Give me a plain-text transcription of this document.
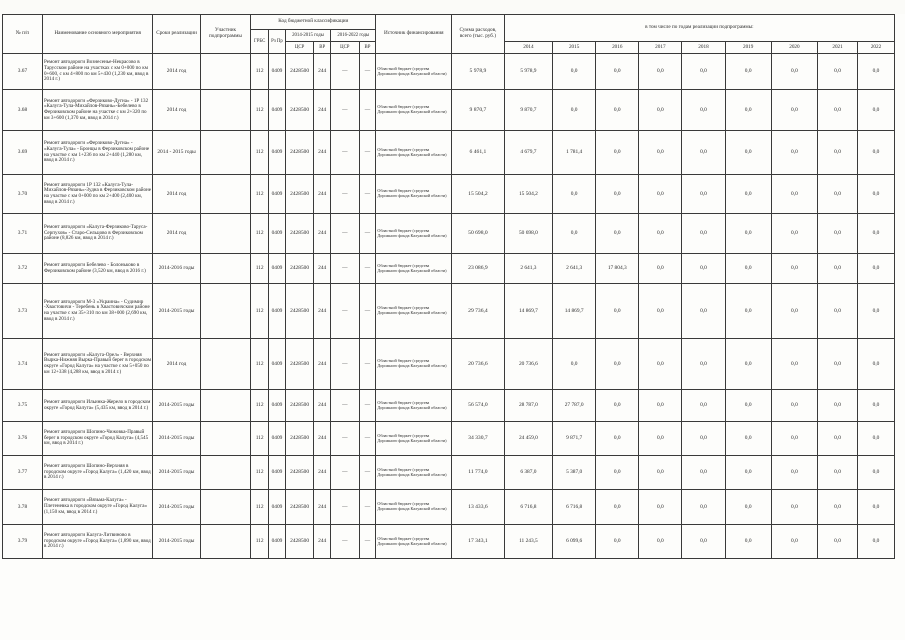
№ п/п	Наименование основного мероприятия	Сроки реализации	Участник подпрограммы	Код бюджетной классификации						Источник финансирования	Сумма расходов, всего (тыс. руб.)	в том числе по годам реализации подпрограммы:								
				ГРБС	Рз Пр	2014-2015 годы		2016-2022 годы												
						ЦСР	ВР	ЦСР	ВР			2014	2015	2016	2017	2018	2019	2020	2021	2022
3.67	Ремонт автодороги Вознесенье-Некрасово в Тарусском районе на участках с км 0+000 по км 0+600, с км 4+800 по км 5+430 (1,230 км, ввод в 2014 г.)	2014 год		112	0409	2428500	244	—	—	Областной бюджет (средства Дорожного фонда Калужской области)	5 978,9	5 978,9	0,0	0,0	0,0	0,0	0,0	0,0	0,0	0,0
3.68	Ремонт автодороги «Ферзиково-Дугна» - 1Р 132 «Калуга-Тула-Михайлов-Рязань»-Бебелево в Ферзиковском районе на участке с км 2+320 по км 3+600 (1,370 км, ввод в 2014 г.)	2014 год		112	0409	2428500	244	—	—	Областной бюджет (средства Дорожного фонда Калужской области)	9 870,7	9 870,7	0,0	0,0	0,0	0,0	0,0	0,0	0,0	0,0
3.69	Ремонт автодороги «Ферзиково-Дугна» - «Калуга-Тула» - Бронцы в Ферзиковском районе на участке с км 1+236 по км 2+440 (1,280 км, ввод в 2014 г.)	2014 - 2015 годы		112	0409	2428500	244	—	—	Областной бюджет (средства Дорожного фонда Калужской области)	6 461,1	4 679,7	1 781,4	0,0	0,0	0,0	0,0	0,0	0,0	0,0
3.70	Ремонт автодороги 1Р 132 «Калуга-Тула-Михайлов-Рязань»-Зудна в Ферзиковском районе на участке с км 0+000 по км 2+400 (2,400 км, ввод в 2014 г.)	2014 год		112	0409	2428500	244	—	—	Областной бюджет (средства Дорожного фонда Калужской области)	15 504,2	15 504,2	0,0	0,0	0,0	0,0	0,0	0,0	0,0	0,0
3.71	Ремонт автодороги «Калуга-Ферзиково-Таруса-Серпухов» - Старо-Сельцово в Ферзиковском районе (8,826 км, ввод в 2014 г.)	2014 год		112	0409	2428500	244	—	—	Областной бюджет (средства Дорожного фонда Калужской области)	50 698,0	50 698,0	0,0	0,0	0,0	0,0	0,0	0,0	0,0	0,0
3.72	Ремонт автодороги Бебелево - Болоньково в Ферзиковском районе (3,520 км, ввод в 2016 г.)	2014-2016 годы		112	0409	2428500	244	—	—	Областной бюджет (средства Дорожного фонда Калужской области)	23 086,9	2 641,3	2 641,3	17 804,3	0,0	0,0	0,0	0,0	0,0	0,0
3.73	Ремонт автодороги М-3 «Украина» - Судимир -Хвастовичи - Теребень в Хвастовичском районе на участке с км 35+310 по км 38+000 (2,690 км, ввод в 2014 г.)	2014-2015 годы		112	0409	2428500	244	—	—	Областной бюджет (средства Дорожного фонда Калужской области)	29 736,4	14 869,7	14 869,7	0,0	0,0	0,0	0,0	0,0	0,0	0,0
3.74	Ремонт автодороги «Калуга-Орел» - Верхняя Вырка-Нижняя Вырка-Правый берег в городском округе «Город Калуга» на участке с км 5+050 по км 12+338 (4,288 км, ввод в 2014 г.)	2014 год		112	0409	2428500	244	—	—	Областной бюджет (средства Дорожного фонда Калужской области)	20 736,6	20 736,6	0,0	0,0	0,0	0,0	0,0	0,0	0,0	0,0
3.75	Ремонт автодороги Ильинка-Жерело в городском округе «Город Калуга» (5,435 км, ввод в 2014 г.)	2014-2015 годы		112	0409	2428500	244	—	—	Областной бюджет (средства Дорожного фонда Калужской области)	56 574,0	28 787,0	27 787,0	0,0	0,0	0,0	0,0	0,0	0,0	0,0
3.76	Ремонт автодороги Шопино-Чижовка-Правый берег в городском округе «Город Калуга» (4,545 км, ввод в 2014 г.)	2014-2015 годы		112	0409	2428500	244	—	—	Областной бюджет (средства Дорожного фонда Калужской области)	34 330,7	24 459,0	9 871,7	0,0	0,0	0,0	0,0	0,0	0,0	0,0
3.77	Ремонт автодороги Шопино-Верхняя в городском округе «Город Калуга» (1,420 км, ввод в 2014 г.)	2014-2015 годы		112	0409	2428500	244	—	—	Областной бюджет (средства Дорожного фонда Калужской области)	11 774,0	6 387,0	5 387,0	0,0	0,0	0,0	0,0	0,0	0,0	0,0
3.78	Ремонт автодороги «Вязьма-Калуга» - Плетеневка в городском округе «Город Калуга» (1,150 км, ввод в 2014 г.)	2014-2015 годы		112	0409	2428500	244	—	—	Областной бюджет (средства Дорожного фонда Калужской области)	13 433,6	6 716,8	6 716,8	0,0	0,0	0,0	0,0	0,0	0,0	0,0
3.79	Ремонт автодороги Калуга-Литвиново в городском округе «Город Калуга» (1,890 км, ввод в 2014 г.)	2014-2015 годы		112	0409	2428500	244	—	—	Областной бюджет (средства Дорожного фонда Калужской области)	17 343,1	11 243,5	6 099,6	0,0	0,0	0,0	0,0	0,0	0,0	0,0
